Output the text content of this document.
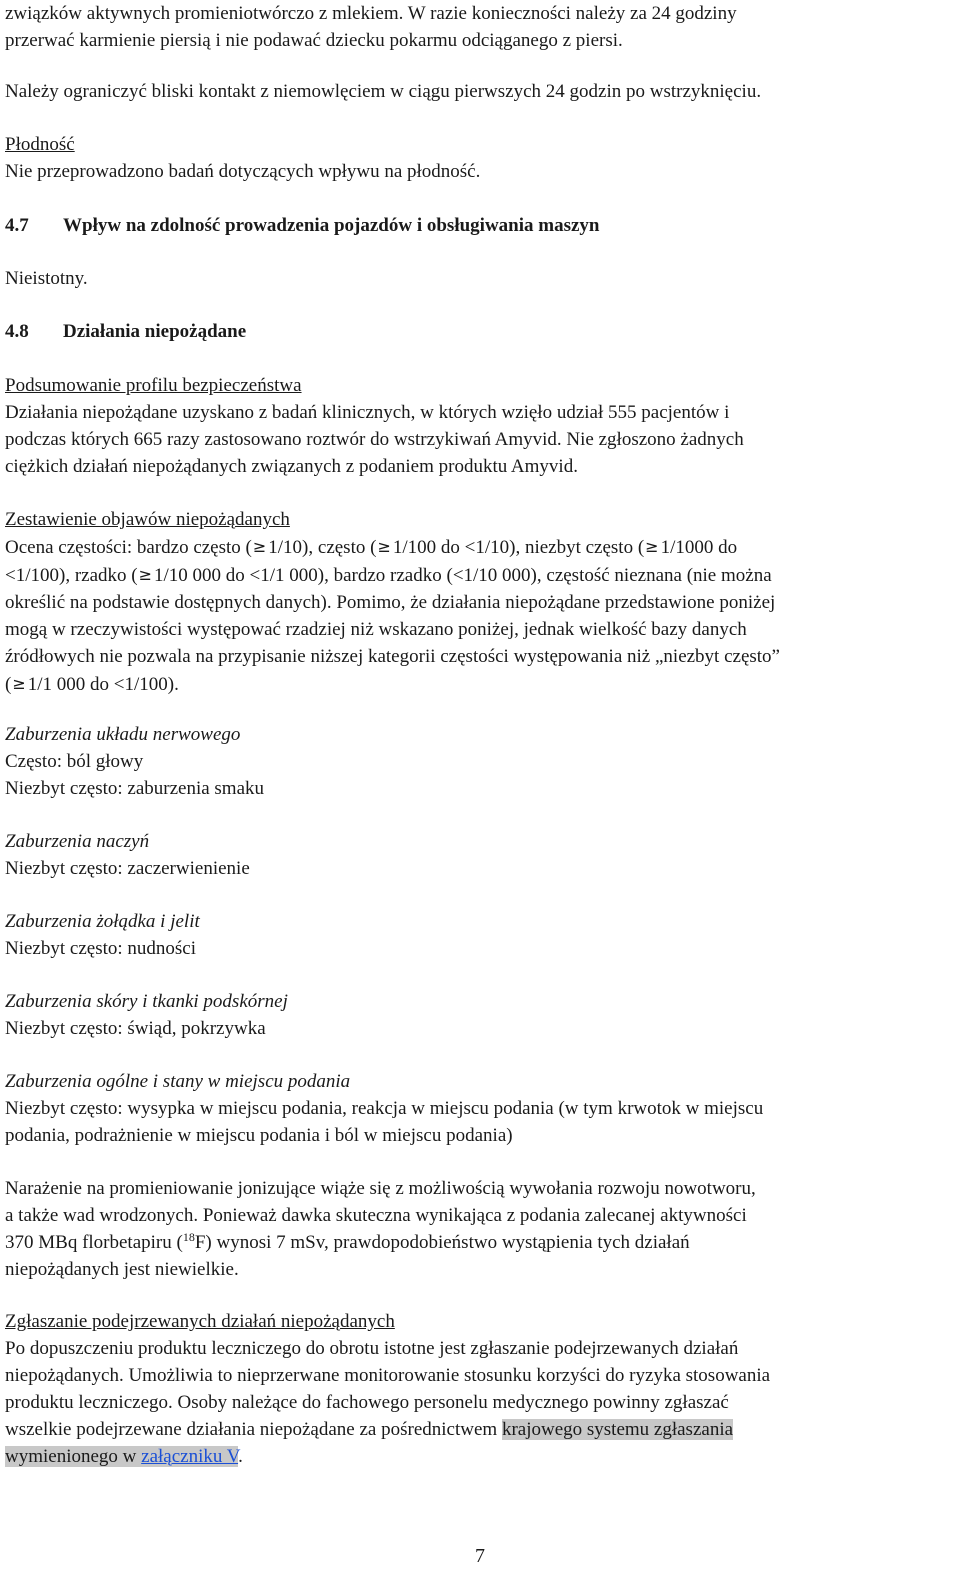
związków aktywnych promieniotwórczo z mlekiem. W razie konieczności należy za 24 godziny
przerwać karmienie piersią i nie podawać dziecku pokarmu odciąganego z piersi.
Należy ograniczyć bliski kontakt z niemowlęciem w ciągu pierwszych 24 godzin po wstrzyknięciu.
Płodność
Nie przeprowadzono badań dotyczących wpływu na płodność.
4.7 Wpływ na zdolność prowadzenia pojazdów i obsługiwania maszyn
Nieistotny.
4.8 Działania niepożądane
Podsumowanie profilu bezpieczeństwa
Działania niepożądane uzyskano z badań klinicznych, w których wzięło udział 555 pacjentów i
podczas których 665 razy zastosowano roztwór do wstrzykiwań Amyvid. Nie zgłoszono żadnych
ciężkich działań niepożądanych związanych z podaniem produktu Amyvid.
Zestawienie objawów niepożądanych
Ocena częstości: bardzo często (≥ 1/10), często (≥ 1/100 do <1/10), niezbyt często (≥ 1/1000 do
<1/100), rzadko (≥ 1/10 000 do <1/1 000), bardzo rzadko (<1/10 000), częstość nieznana (nie można
określić na podstawie dostępnych danych). Pomimo, że działania niepożądane przedstawione poniżej
mogą w rzeczywistości występować rzadziej niż wskazano poniżej, jednak wielkość bazy danych
źródłowych nie pozwala na przypisanie niższej kategorii częstości występowania niż „niezbyt często”
(≥ 1/1 000 do <1/100).
Zaburzenia układu nerwowego
Często: ból głowy
Niezbyt często: zaburzenia smaku
Zaburzenia naczyń
Niezbyt często: zaczerwienienie
Zaburzenia żołądka i jelit
Niezbyt często: nudności
Zaburzenia skóry i tkanki podskórnej
Niezbyt często: świąd, pokrzywka
Zaburzenia ogólne i stany w miejscu podania
Niezbyt często: wysypka w miejscu podania, reakcja w miejscu podania (w tym krwotok w miejscu
podania, podrażnienie w miejscu podania i ból w miejscu podania)
Narażenie na promieniowanie jonizujące wiąże się z możliwością wywołania rozwoju nowotworu,
a także wad wrodzonych. Ponieważ dawka skuteczna wynikająca z podania zalecanej aktywności
370 MBq florbetapiru ($^{18}$F) wynosi 7 mSv, prawdopodobieństwo wystąpienia tych działań
niepożądanych jest niewielkie.
Zgłaszanie podejrzewanych działań niepożądanych
Po dopuszczeniu produktu leczniczego do obrotu istotne jest zgłaszanie podejrzewanych działań
niepożądanych. Umożliwia to nieprzerwane monitorowanie stosunku korzyści do ryzyka stosowania
produktu leczniczego. Osoby należące do fachowego personelu medycznego powinny zgłaszać
wszelkie podejrzewane działania niepożądane za pośrednictwem krajowego systemu zgłaszania
wymienionego w załączniku V.
7
